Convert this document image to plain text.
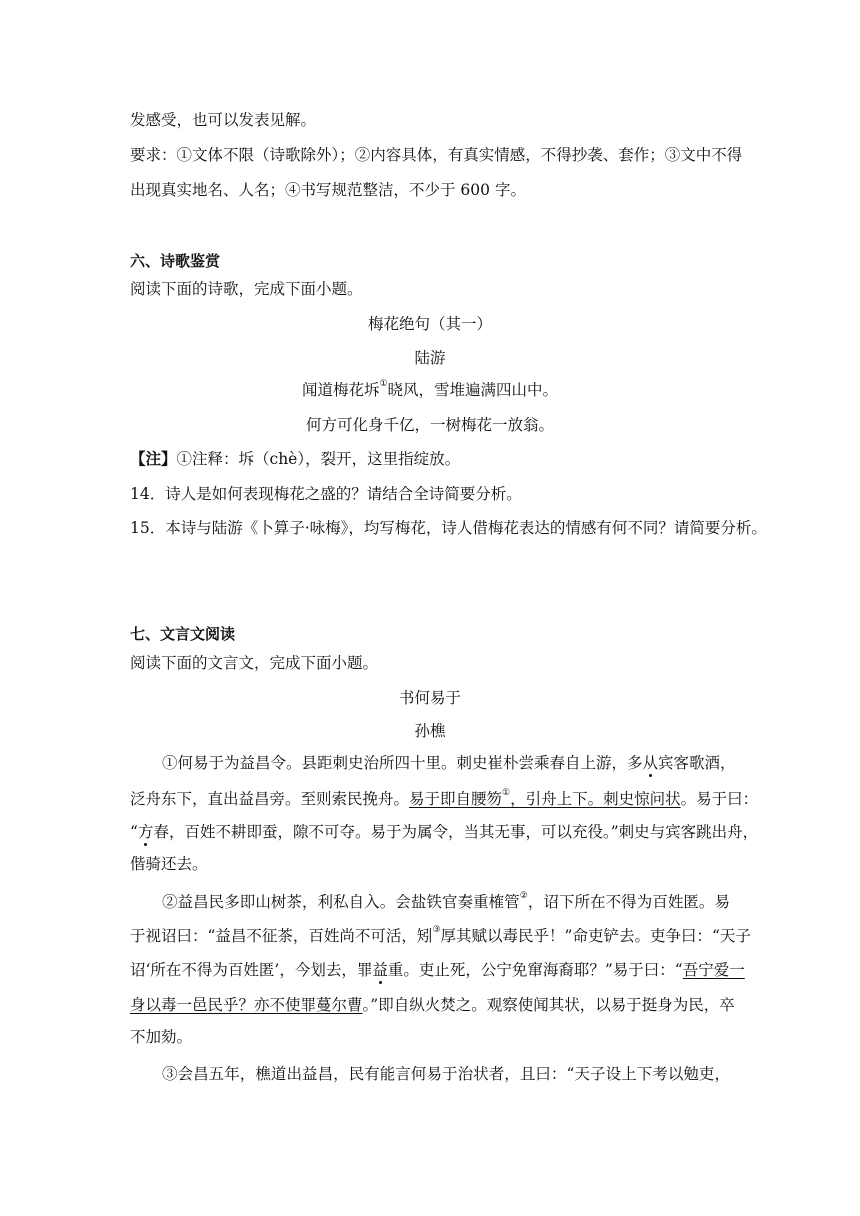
发感受，也可以发表见解。
要求：①文体不限（诗歌除外）；②内容具体，有真实情感，不得抄袭、套作；③文中不得
出现真实地名、人名；④书写规范整洁，不少于 600 字。
六、诗歌鉴赏
阅读下面的诗歌，完成下面小题。
梅花绝句（其一）
陆游
闻道梅花坼①晓风，雪堆遍满四山中。
何方可化身千亿，一树梅花一放翁。
【注】①注释：坼（chè），裂开，这里指绽放。
14．诗人是如何表现梅花之盛的？请结合全诗简要分析。
15．本诗与陆游《卜算子·咏梅》，均写梅花，诗人借梅花表达的情感有何不同？请简要分析。
七、文言文阅读
阅读下面的文言文，完成下面小题。
书何易于
孙樵
①何易于为益昌令。县距刺史治所四十里。刺史崔朴尝乘春自上游，多从宾客歌酒，
泛舟东下，直出益昌旁。至则索民挽舟。易于即自腰笏①，引舟上下。刺史惊问状。易于曰：
“方春，百姓不耕即蚕，隙不可夺。易于为属令，当其无事，可以充役。”刺史与宾客跳出舟，
偕骑还去。
②益昌民多即山树茶，利私自入。会盐铁官奏重榷管②，诏下所在不得为百姓匿。易
于视诏曰：“益昌不征茶，百姓尚不可活，矧③厚其赋以毒民乎！”命吏铲去。吏争曰：“天子
诏‘所在不得为百姓匿’，今划去，罪益重。吏止死，公宁免窜海裔耶？”易于曰：“吾宁爱一
身以毒一邑民乎？亦不使罪蔓尔曹。”即自纵火焚之。观察使闻其状，以易于挺身为民，卒
不加劾。
③会昌五年，樵道出益昌，民有能言何易于治状者，且曰：“天子设上下考以勉吏，
